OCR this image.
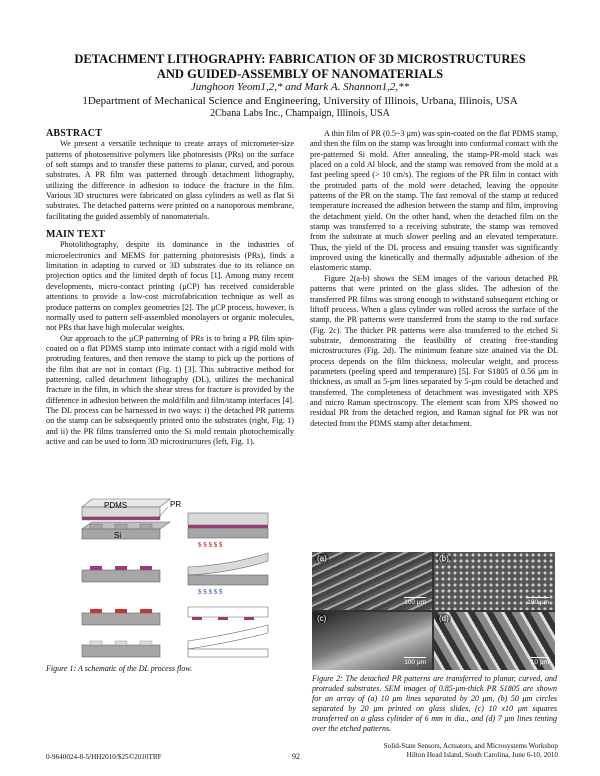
DETACHMENT LITHOGRAPHY: FABRICATION OF 3D MICROSTRUCTURES
AND GUIDED-ASSEMBLY OF NANOMATERIALS
Junghoon Yeom1,2,* and Mark A. Shannon1,2,**
1Department of Mechanical Science and Engineering, University of Illinois, Urbana, Illinois, USA
2Cbana Labs Inc., Champaign, Illinois, USA
ABSTRACT

We present a versatile technique to create arrays of micrometer-size patterns of photosensitive polymers like photoresists (PRs) on the surface of soft stamps and to transfer these patterns to planar, curved, and porous substrates. A PR film was patterned through detachment lithography, utilizing the difference in adhesion to induce the fracture in the film. Various 3D structures were fabricated on glass cylinders as well as flat Si substrates. The detached patterns were printed on a nanoporous membrane, facilitating the guided assembly of nanomaterials.

MAIN TEXT

Photolithography, despite its dominance in the industries of microelectronics and MEMS for patterning photoresists (PRs), finds a limitation in adapting to curved or 3D substrates due to its reliance on projection optics and the limited depth of focus [1]. Among many recent developments, micro-contact printing (μCP) has received considerable attentions to provide a low-cost microfabrication technique as well as produce patterns on complex geometries [2]. The μCP process, however, is normally used to pattern self-assembled monolayers or organic molecules, not PRs that have high molecular weights.

Our approach to the μCP patterning of PRs is to bring a PR film spin-coated on a flat PDMS stamp into intimate contact with a rigid mold with protruding features, and then remove the stamp to pick up the portions of the film that are not in contact (Fig. 1) [3]. This subtractive method for patterning, called detachment lithography (DL), utilizes the mechanical fracture in the film, in which the shear stress for fracture is provided by the difference in adhesion between the mold/film and film/stamp interfaces [4]. The DL process can be harnessed in two ways: i) the detached PR patterns on the stamp can be subsequently printed onto the substrates (right, Fig. 1) and ii) the PR films transferred onto the Si mold remain photochemically active and can be used to form 3D microstructures (left, Fig. 1).

PDMS	PR
Si
$ $ $ $ $
$ $ $ $ $
Figure 1: A schematic of the DL process flow.

A thin film of PR (0.5~3 μm) was spin-coated on the flat PDMS stamp, and then the film on the stamp was brought into conformal contact with the pre-patterned Si mold. After annealing, the stamp-PR-mold stack was placed on a cold Al block, and the stamp was removed from the mold at a fast peeling speed (> 10 cm/s). The regions of the PR film in contact with the protruded parts of the mold were detached, leaving the opposite patterns of the PR on the stamp. The fast removal of the stamp at reduced temperature increased the adhesion between the stamp and film, improving the detachment yield. On the other hand, when the detached film on the stamp was transferred to a receiving substrate, the stamp was removed from the substrate at much slower peeling and an elevated temperature. Thus, the yield of the DL process and ensuing transfer was significantly improved using the kinetically and thermally adjustable adhesion of the elastomeric stamp.

Figure 2(a-b) shows the SEM images of the various detached PR patterns that were printed on the glass slides. The adhesion of the transferred PR films was strong enough to withstand subsequent etching or liftoff process. When a glass cylinder was rolled across the surface of the stamp, the PR patterns were transferred from the stamp to the rod surface (Fig. 2c). The thicker PR patterns were also transferred to the etched Si substrate, demonstrating the feasibility of creating free-standing microstructures (Fig. 2d). The minimum feature size attained via the DL process depends on the film thickness, molecular weight, and process parameters (peeling speed and temperature) [5]. For S1805 of 0.56 μm in thickness, as small as 5-μm lines separated by 5-μm could be detached and transferred. The completeness of detachment was investigated with XPS and micro Raman spectroscopy. The element scan from XPS showed no residual PR from the detached region, and Raman signal for PR was not detected from the PDMS stamp after detachment.

(a)
100 μm
(b)
100 μm
(c)
100 μm
(d)
10 μm
Figure 2: The detached PR patterns are transferred to planar, curved, and protruded substrates. SEM images of 0.85-μm-thick PR S1805 are shown for an array of (a) 10 μm lines separated by 20 μm, (b) 50 μm circles separated by 20 μm printed on glass slides, (c) 10 x10 μm squares transferred on a glass cylinder of 6 mm in dia., and (d) 7 μm lines tenting over the etched patterns.
0-9640024-8-5/HH2010/$25©2010TRF	92
Solid-State Sensors, Actuators, and Microsystems Workshop
Hilton Head Island, South Carolina, June 6-10, 2010
